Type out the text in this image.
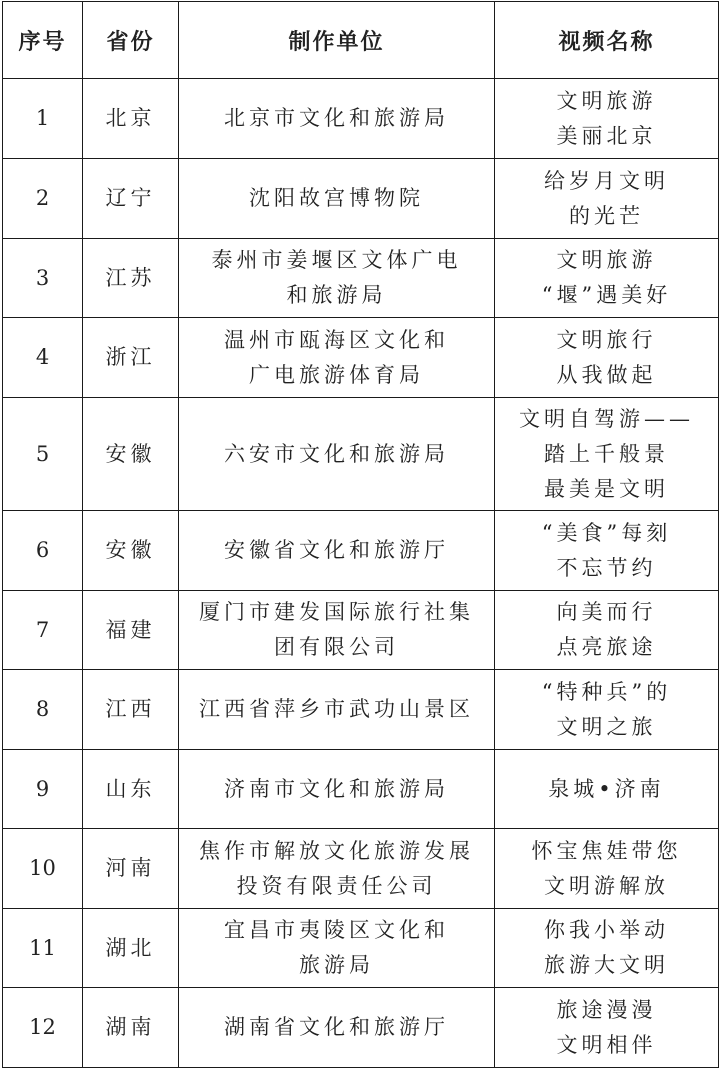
序号	省份	制作单位	视频名称
1	北京	北京市文化和旅游局	文明旅游
美丽北京

2	辽宁	沈阳故宫博物院	给岁月文明
的光芒

3	江苏	泰州市姜堰区文体广电
和旅游局	文明旅游
“堰”遇美好

4	浙江	温州市瓯海区文化和
广电旅游体育局	文明旅行
从我做起

5	安徽	六安市文化和旅游局	文明自驾游——
踏上千般景
最美是文明

6	安徽	安徽省文化和旅游厅	“美食”每刻
不忘节约

7	福建	厦门市建发国际旅行社集
团有限公司	向美而行
点亮旅途

8	江西	江西省萍乡市武功山景区	“特种兵”的
文明之旅

9	山东	济南市文化和旅游局	泉城•济南

10	河南	焦作市解放文化旅游发展
投资有限责任公司	怀宝焦娃带您
文明游解放

11	湖北	宜昌市夷陵区文化和
旅游局	你我小举动
旅游大文明

12	湖南	湖南省文化和旅游厅	旅途漫漫
文明相伴
